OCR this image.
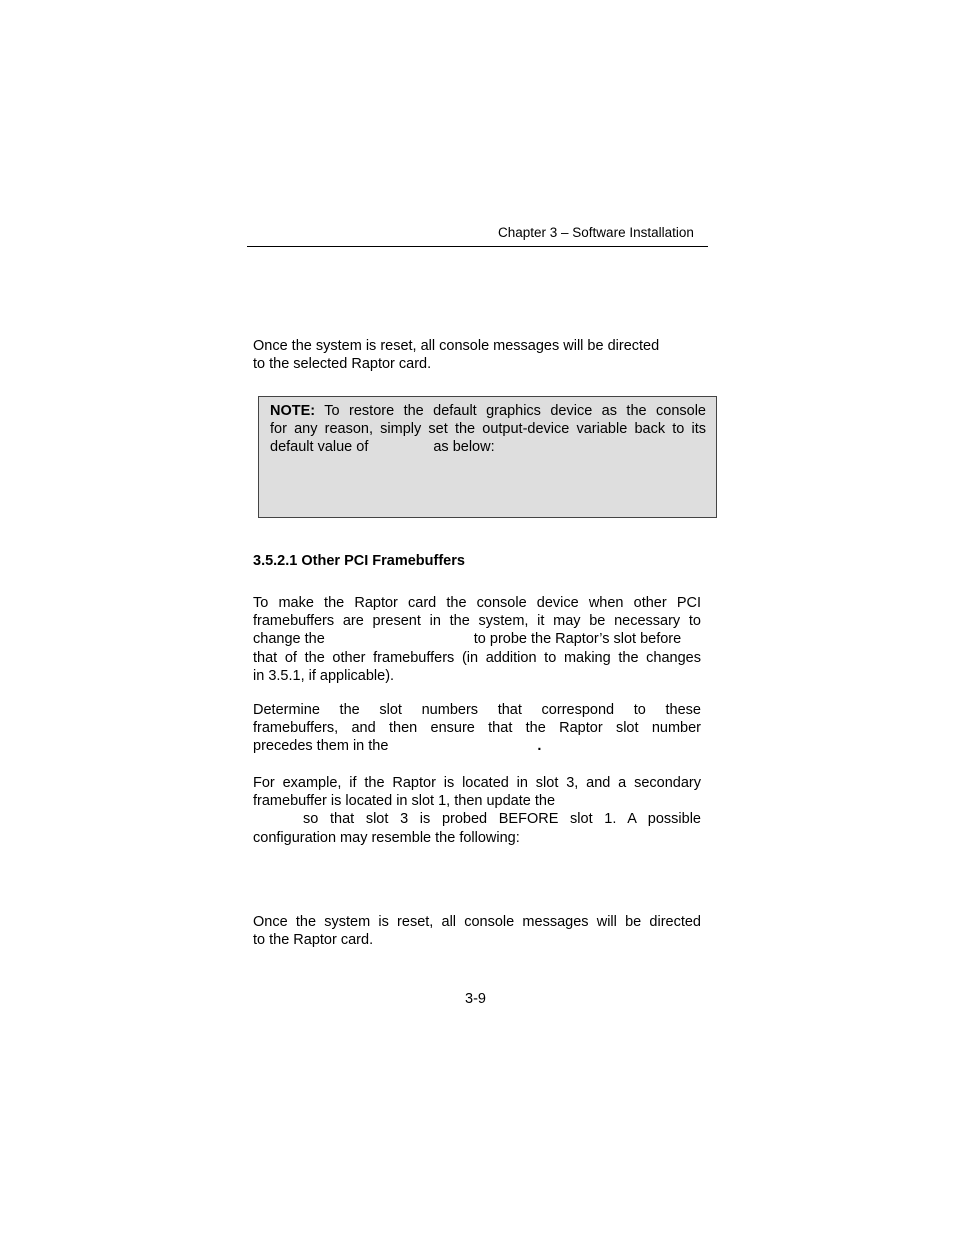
Chapter 3 – Software Installation
Once the system is reset, all console messages will be directed
to the selected Raptor card.
NOTE: To restore the default graphics device as the console
for any reason, simply set the output-device variable back to its
default value of	as below:
3.5.2.1 Other PCI Framebuffers
To make the Raptor card the console device when other PCI
framebuffers are present in the system, it may be necessary to
change the	to probe the Raptor’s slot before
that of the other framebuffers (in addition to making the changes
in 3.5.1, if applicable).
Determine the slot numbers that correspond to these
framebuffers, and then ensure that the Raptor slot number
precedes them in the	.
For example, if the Raptor is located in slot 3, and a secondary
framebuffer is located in slot 1, then update the
so that slot 3 is probed BEFORE slot 1. A possible
configuration may resemble the following:
Once the system is reset, all console messages will be directed
to the Raptor card.
3-9
